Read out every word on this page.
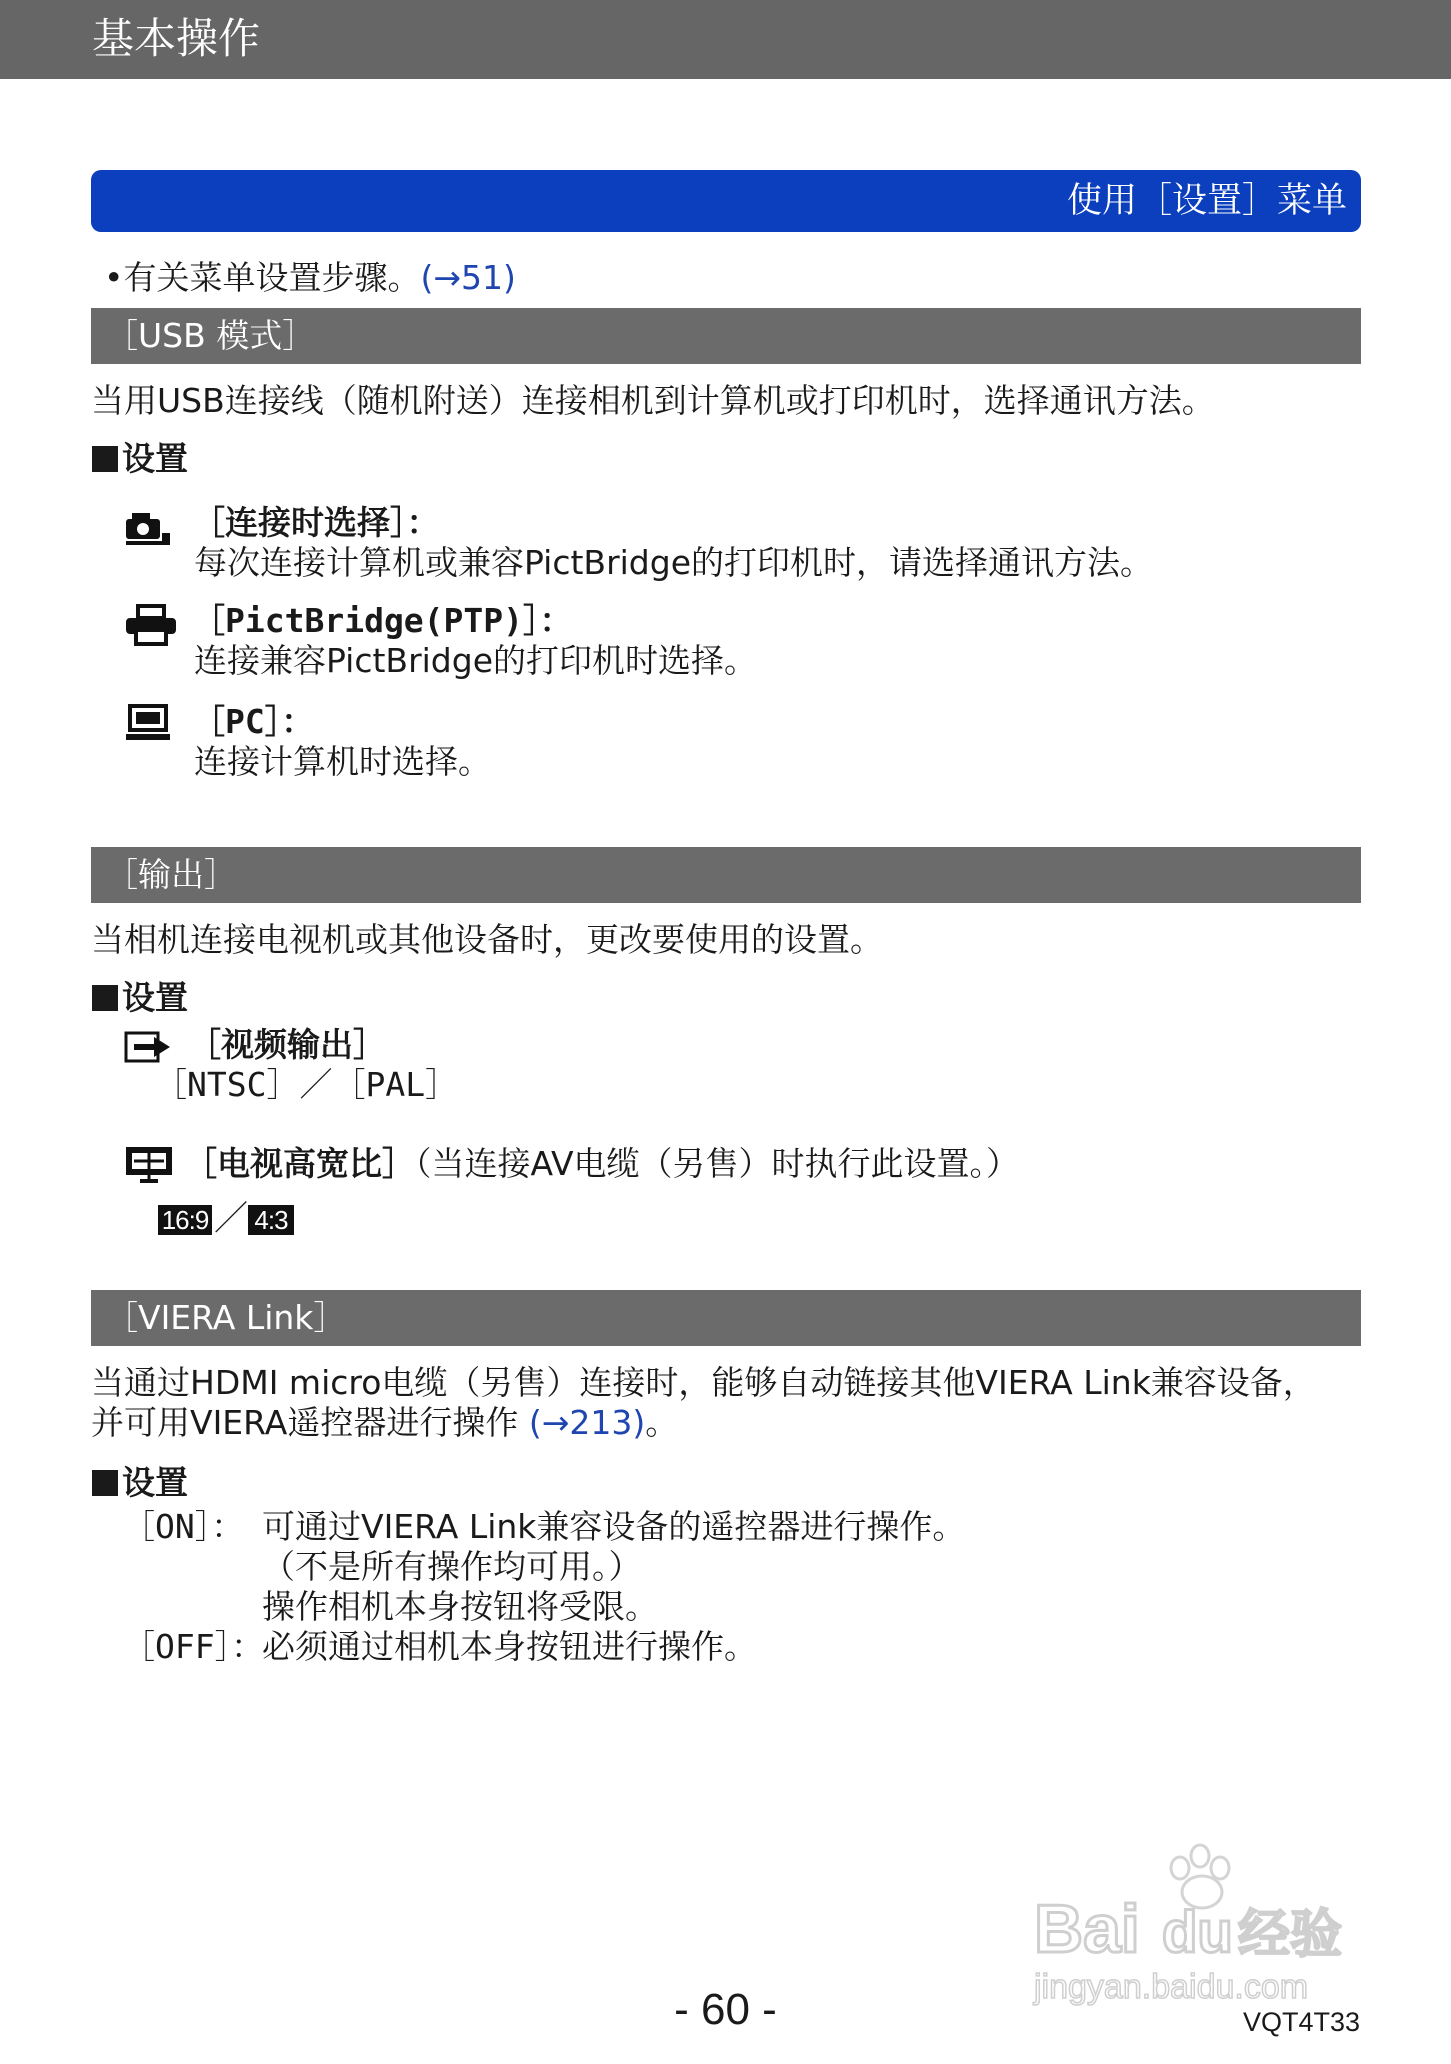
基本操作
使用［设置］菜单
•有关菜单设置步骤。(→51)
［USB 模式］
当用USB连接线（随机附送）连接相机到计算机或打印机时，选择通讯方法。
设置
［连接时选择］：
每次连接计算机或兼容PictBridge的打印机时，请选择通讯方法。
［PictBridge(PTP)］：
连接兼容PictBridge的打印机时选择。
［PC］：
连接计算机时选择。
［输出］
当相机连接电视机或其他设备时，更改要使用的设置。
设置
［视频输出］
［NTSC］／［PAL］
［电视高宽比］（当连接AV电缆（另售）时执行此设置。）
16:9 ／ 4:3
［VIERA Link］
当通过HDMI micro电缆（另售）连接时，能够自动链接其他VIERA Link兼容设备，
并可用VIERA遥控器进行操作 (→213)。
设置
［ON］： 可通过VIERA Link兼容设备的遥控器进行操作。
（不是所有操作均可用。）
操作相机本身按钮将受限。
［OFF］：
必须通过相机本身按钮进行操作。
Bai du 经验
jingyan.baidu.com
- 60 -	VQT4T33
